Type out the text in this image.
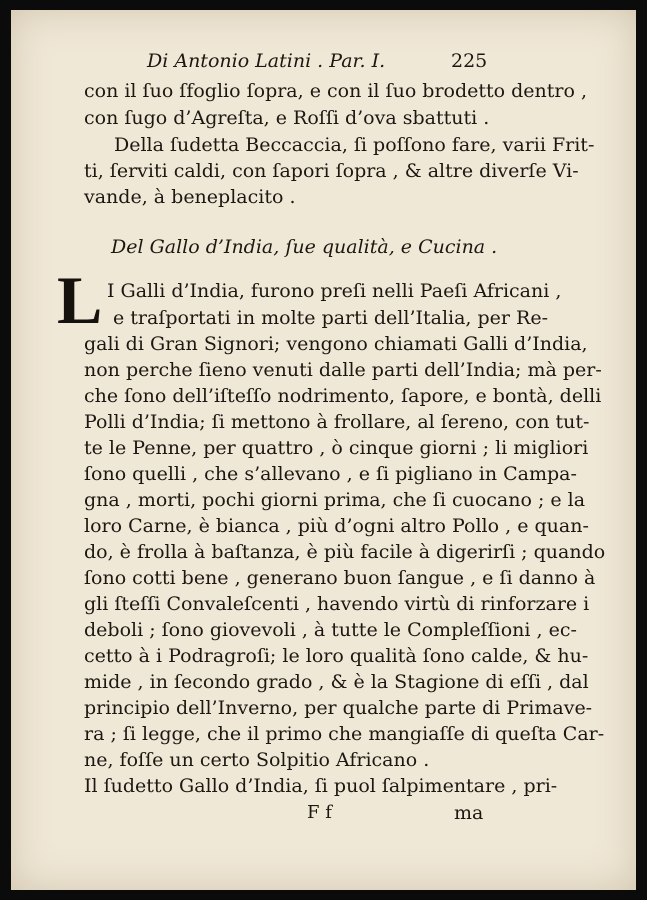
Di Antonio Latini . Par. I.	225
con il ſuo ſfoglio ſopra, e con il ſuo brodetto dentro ,
con ſugo d’Agreſta, e Roſſi d’ova sbattuti .
Della ſudetta Beccaccia, ſi poſſono fare, varii Frit-
ti, ſerviti caldi, con ſapori ſopra , & altre diverſe Vi-
vande, à beneplacito .
Del Gallo d’India, ſue qualità, e Cucina .
L I Galli d’India, furono preſi nelli Paeſi Africani ,
e traſportati in molte parti dell’Italia, per Re-
gali di Gran Signori; vengono chiamati Galli d’India,
non perche ſieno venuti dalle parti dell’India; mà per-
che ſono dell’iſteſſo nodrimento, ſapore, e bontà, delli
Polli d’India; ſi mettono à frollare, al ſereno, con tut-
te le Penne, per quattro , ò cinque giorni ; li migliori
ſono quelli , che s’allevano , e ſi pigliano in Campa-
gna , morti, pochi giorni prima, che ſi cuocano ; e la
loro Carne, è bianca , più d’ogni altro Pollo , e quan-
do, è frolla à baſtanza, è più facile à digerirſi ; quando
ſono cotti bene , generano buon ſangue , e ſi danno à
gli ſteſſi Convaleſcenti , havendo virtù di rinforzare i
deboli ; ſono giovevoli , à tutte le Compleſſioni , ec-
cetto à i Podragroſi; le loro qualità ſono calde, & hu-
mide , in ſecondo grado , & è la Stagione di eſſi , dal
principio dell’Inverno, per qualche parte di Primave-
ra ; ſi legge, che il primo che mangiaſſe di queſta Car-
ne, foſſe un certo Solpitio Africano .
Il ſudetto Gallo d’India, ſi puol ſalpimentare , pri-
F f	ma
